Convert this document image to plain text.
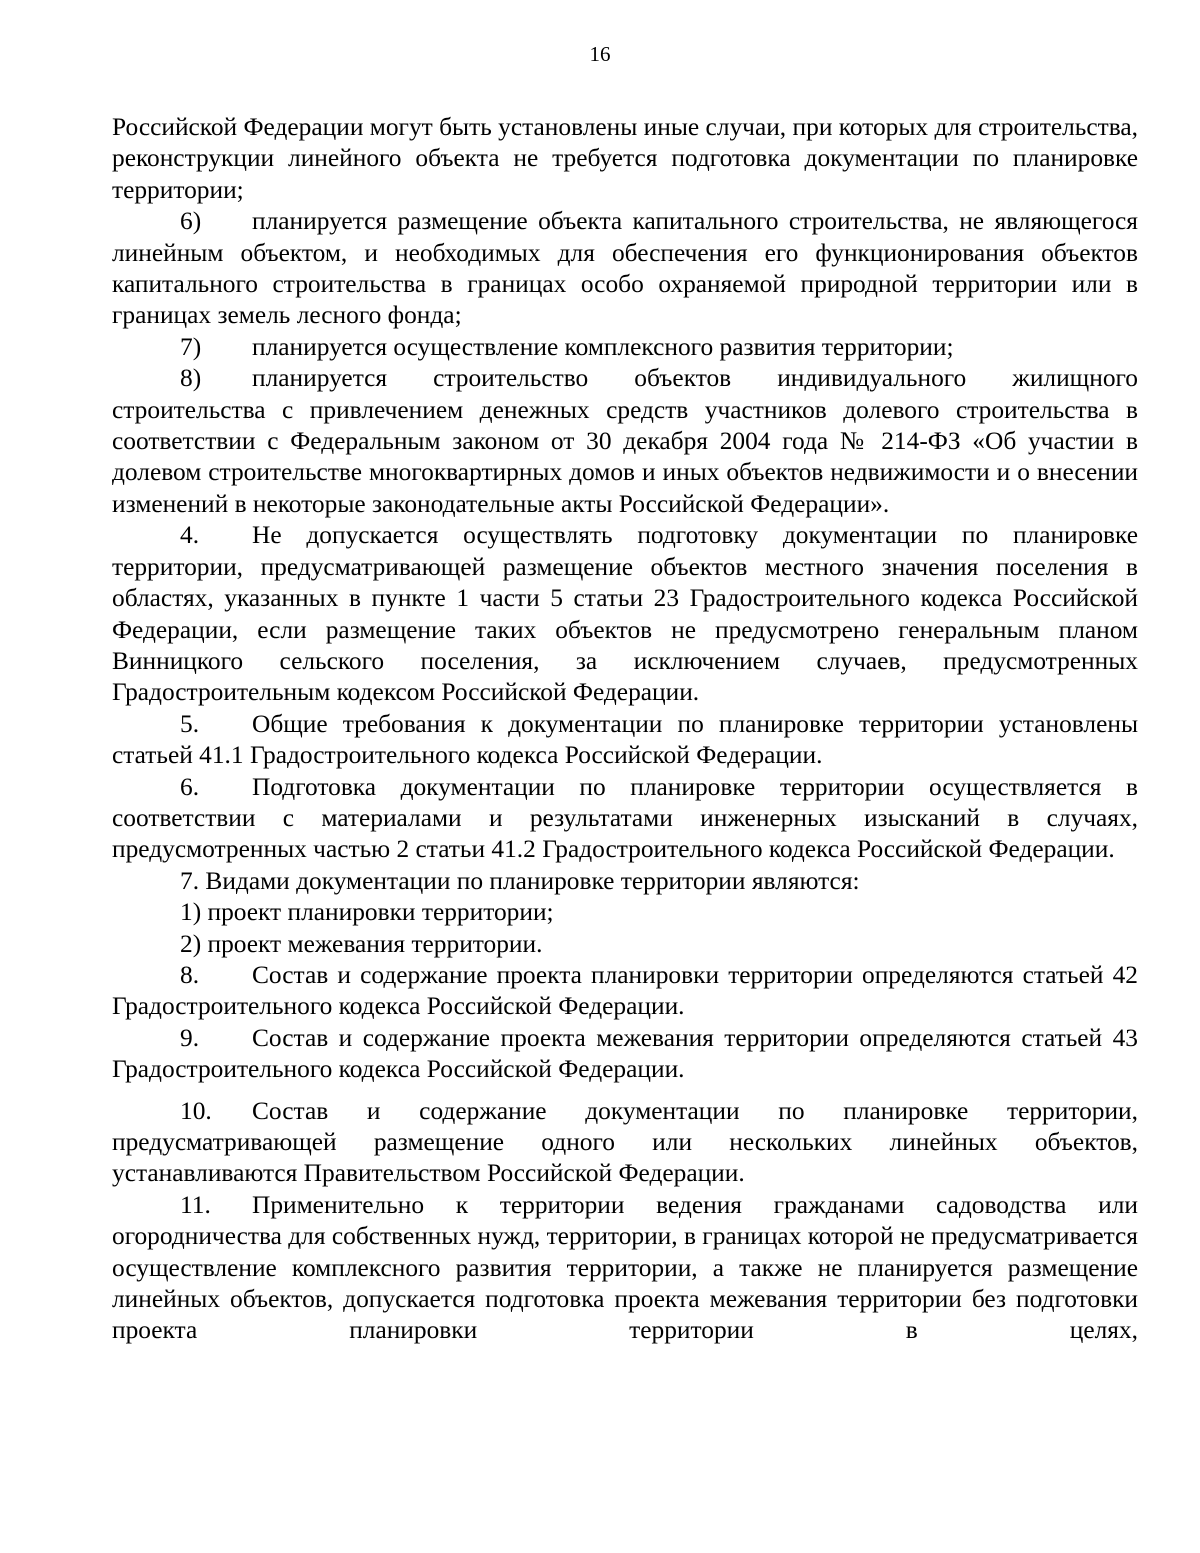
16

Российской Федерации могут быть установлены иные случаи, при которых для строительства, реконструкции линейного объекта не требуется подготовка документации по планировке территории;

6) планируется размещение объекта капитального строительства, не являющегося линейным объектом, и необходимых для обеспечения его функционирования объектов капитального строительства в границах особо охраняемой природной территории или в границах земель лесного фонда;

7) планируется осуществление комплексного развития территории;

8) планируется строительство объектов индивидуального жилищного строительства с привлечением денежных средств участников долевого строительства в соответствии с Федеральным законом от 30 декабря 2004 года № 214-ФЗ «Об участии в долевом строительстве многоквартирных домов и иных объектов недвижимости и о внесении изменений в некоторые законодательные акты Российской Федерации».

4. Не допускается осуществлять подготовку документации по планировке территории, предусматривающей размещение объектов местного значения поселения в областях, указанных в пункте 1 части 5 статьи 23 Градостроительного кодекса Российской Федерации, если размещение таких объектов не предусмотрено генеральным планом Винницкого сельского поселения, за исключением случаев, предусмотренных Градостроительным кодексом Российской Федерации.

5. Общие требования к документации по планировке территории установлены статьей 41.1 Градостроительного кодекса Российской Федерации.

6. Подготовка документации по планировке территории осуществляется в соответствии с материалами и результатами инженерных изысканий в случаях, предусмотренных частью 2 статьи 41.2 Градостроительного кодекса Российской Федерации.

7. Видами документации по планировке территории являются:

1) проект планировки территории;

2) проект межевания территории.

8. Состав и содержание проекта планировки территории определяются статьей 42 Градостроительного кодекса Российской Федерации.

9. Состав и содержание проекта межевания территории определяются статьей 43 Градостроительного кодекса Российской Федерации.

10. Состав и содержание документации по планировке территории, предусматривающей размещение одного или нескольких линейных объектов, устанавливаются Правительством Российской Федерации.

11. Применительно к территории ведения гражданами садоводства или огородничества для собственных нужд, территории, в границах которой не предусматривается осуществление комплексного развития территории, а также не планируется размещение линейных объектов, допускается подготовка проекта межевания территории без подготовки проекта планировки территории в целях,
